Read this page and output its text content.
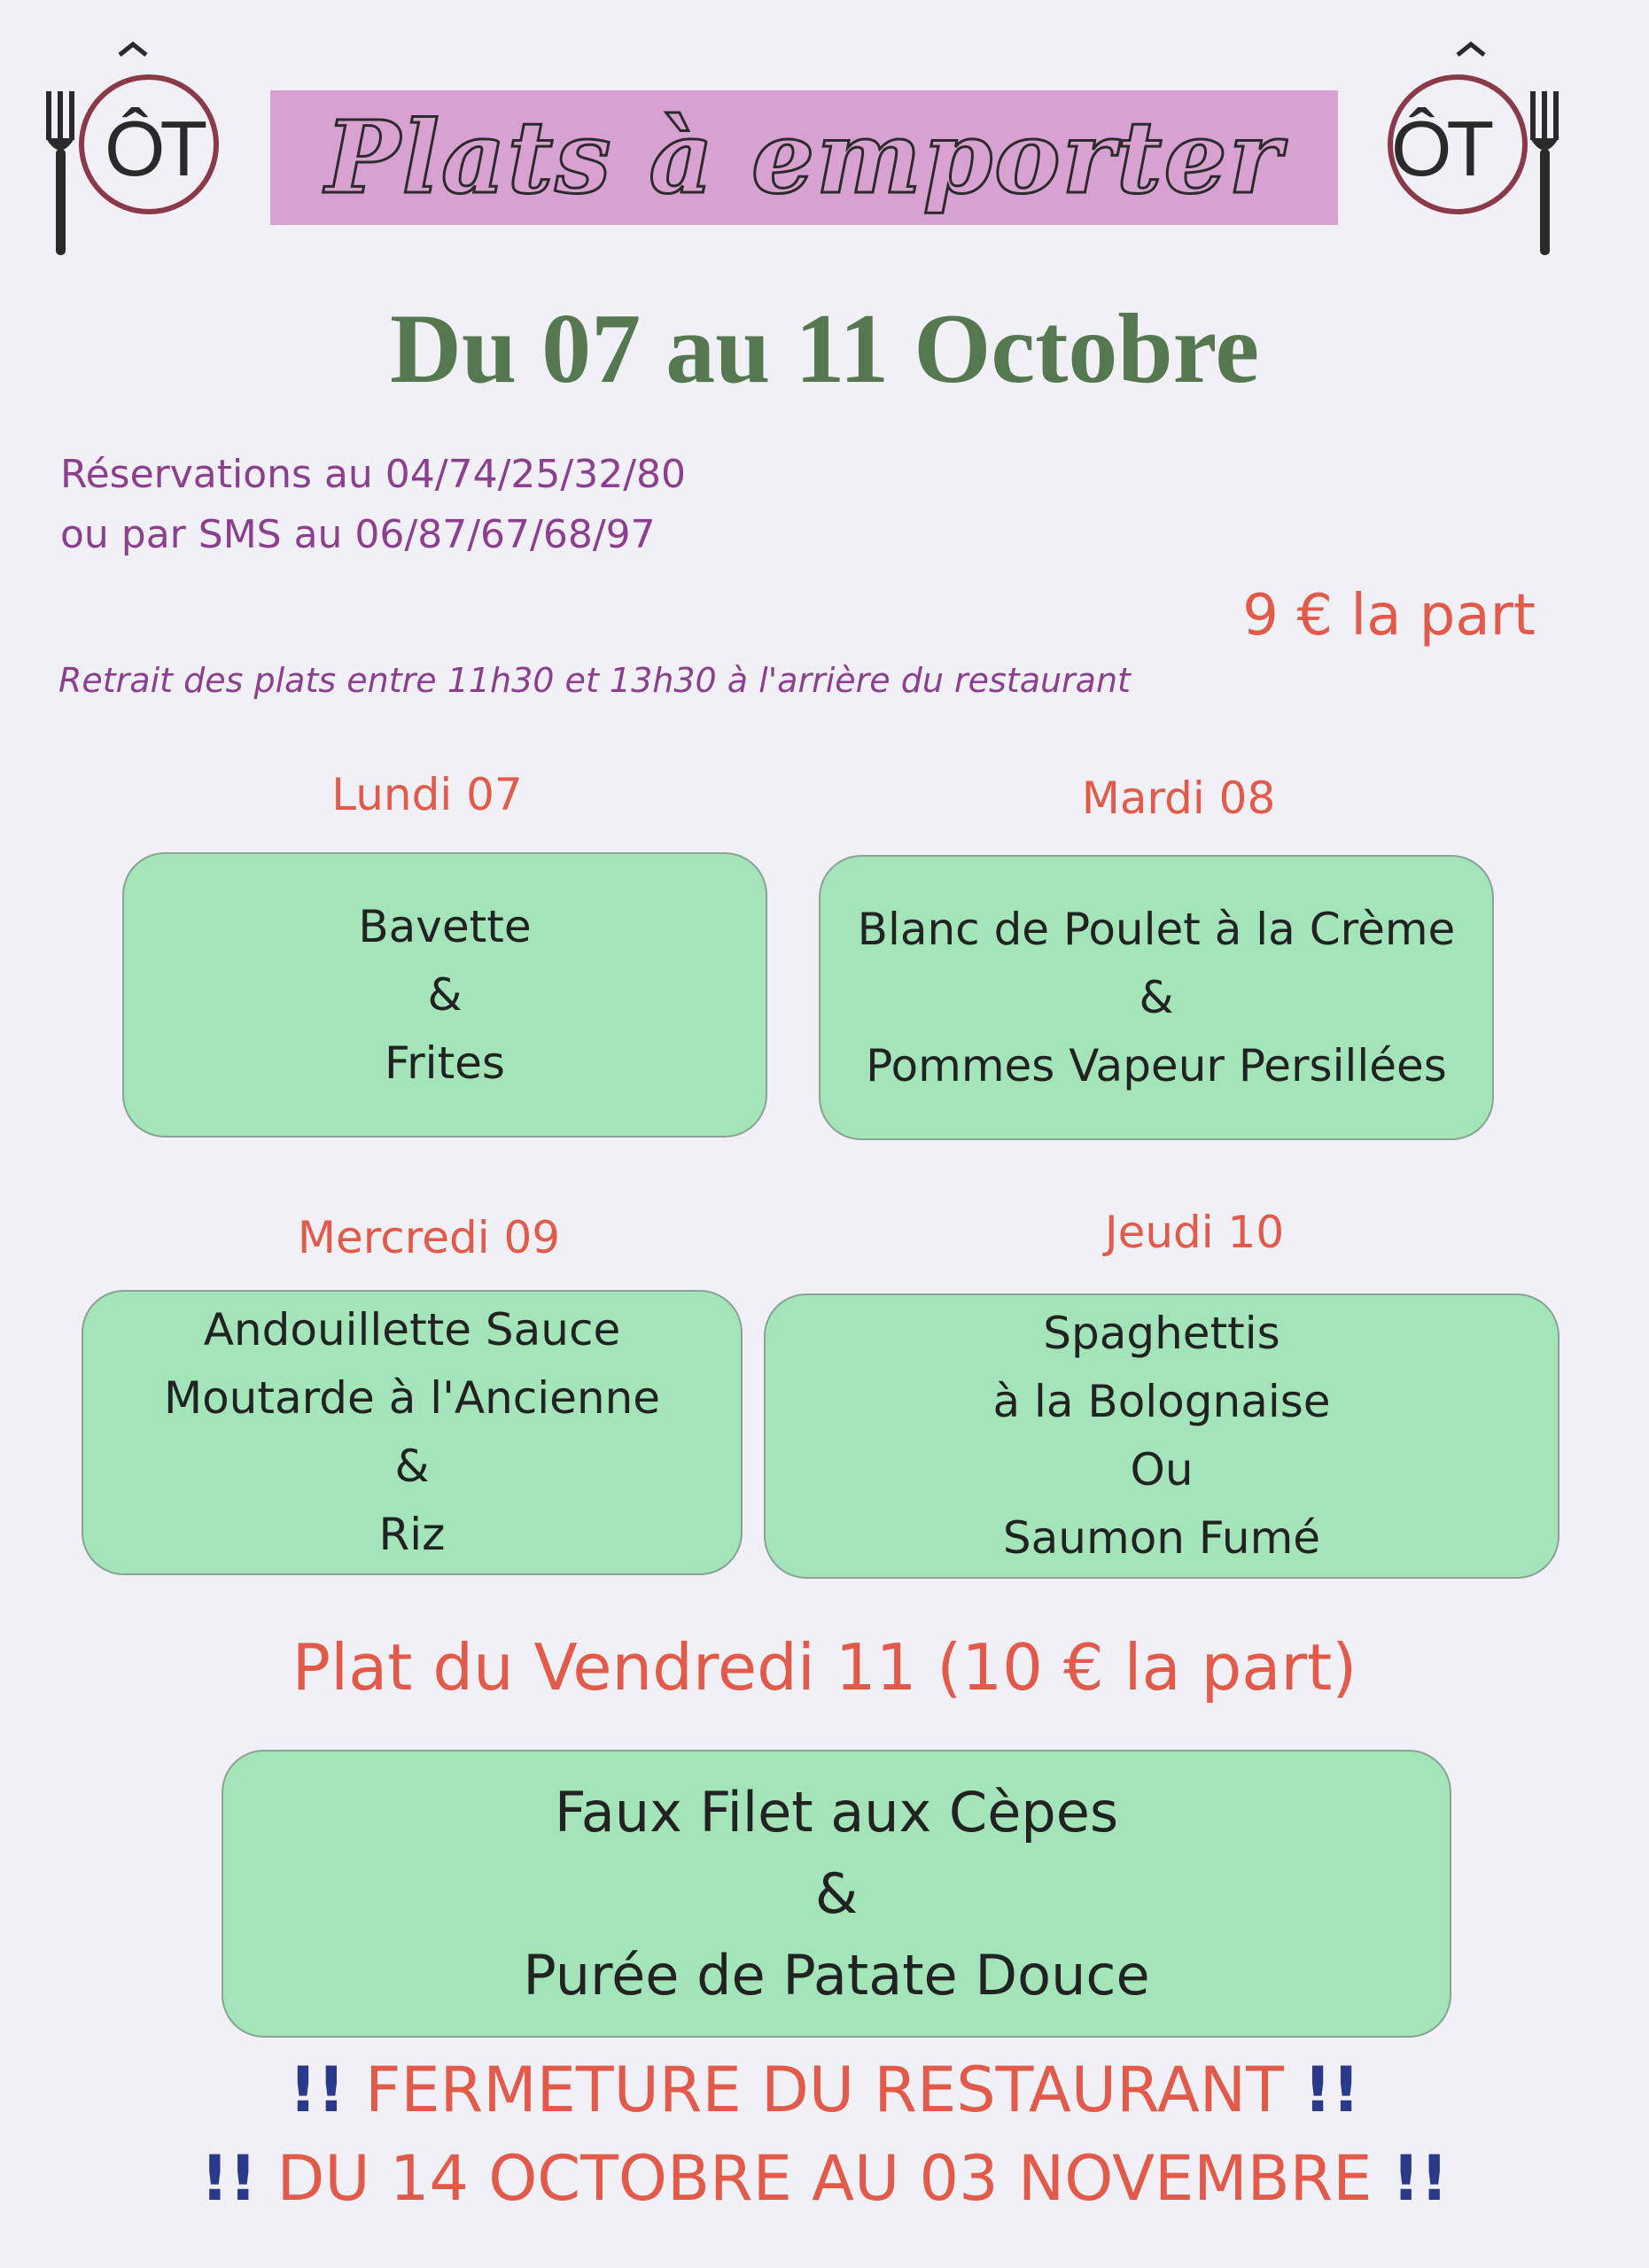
ÔT Plats à emporter ÔT
Du 07 au 11 Octobre
Réservations au 04/74/25/32/80
ou par SMS au 06/87/67/68/97
9 € la part
Retrait des plats entre 11h30 et 13h30 à l'arrière du restaurant
Lundi 07
Bavette
&
Frites
Mardi 08
Blanc de Poulet à la Crème
&
Pommes Vapeur Persillées
Mercredi 09
Andouillette Sauce
Moutarde à l'Ancienne
&
Riz
Jeudi 10
Spaghettis
à la Bolognaise
Ou
Saumon Fumé
Plat du Vendredi 11 (10 € la part)
Faux Filet aux Cèpes
&
Purée de Patate Douce
!! FERMETURE DU RESTAURANT !!
!! DU 14 OCTOBRE AU 03 NOVEMBRE !!
